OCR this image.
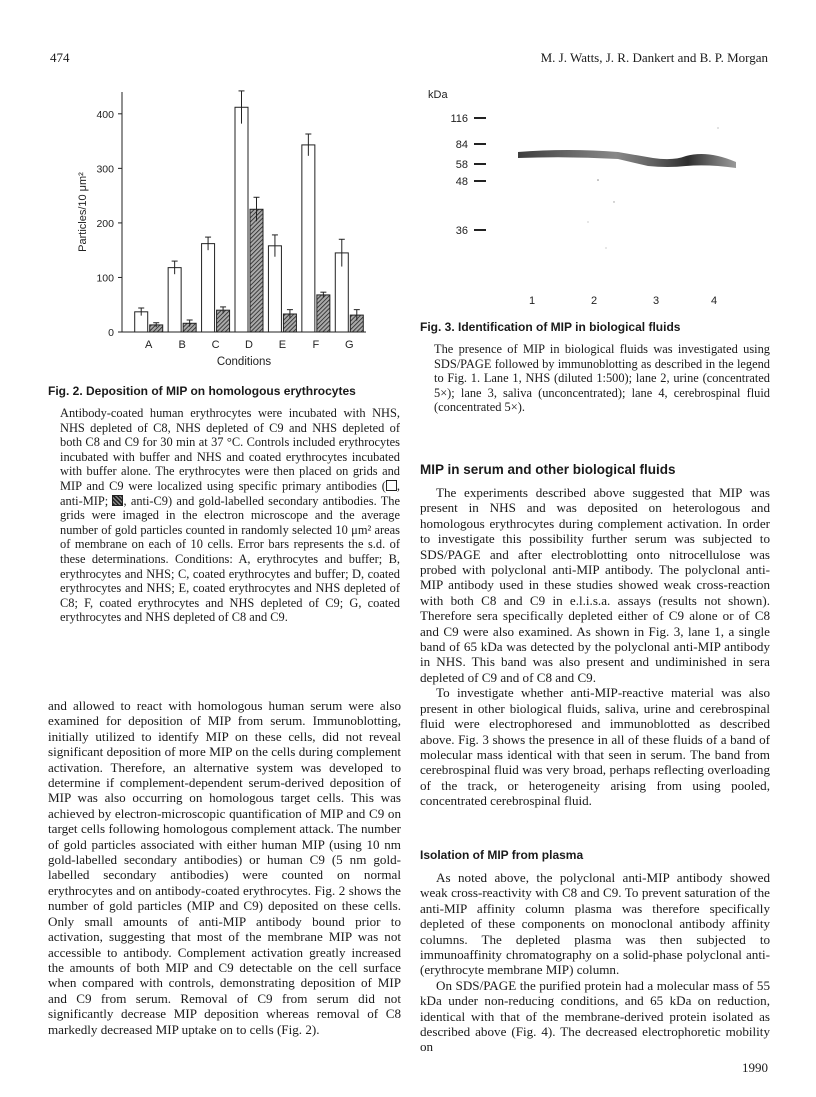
474	M. J. Watts, J. R. Dankert and B. P. Morgan
0
100
200
300
400
Particles/10 μm²
A B C D E F G
Conditions
Fig. 2. Deposition of MIP on homologous erythrocytes
Antibody-coated human erythrocytes were incubated with NHS, NHS depleted of C8, NHS depleted of C9 and NHS depleted of both C8 and C9 for 30 min at 37 °C. Controls included erythrocytes incubated with buffer and NHS and coated erythrocytes incubated with buffer alone. The erythrocytes were then placed on grids and MIP and C9 were localized using specific primary antibodies ( , anti-MIP; , anti-C9) and gold-labelled secondary antibodies. The grids were imaged in the electron microscope and the average number of gold particles counted in randomly selected 10 μm² areas of membrane on each of 10 cells. Error bars represents the s.d. of these determinations. Conditions: A, erythrocytes and buffer; B, erythrocytes and NHS; C, coated erythrocytes and buffer; D, coated erythrocytes and NHS; E, coated erythrocytes and NHS depleted of C8; F, coated erythrocytes and NHS depleted of C9; G, coated erythrocytes and NHS depleted of C8 and C9.

and allowed to react with homologous human serum were also examined for deposition of MIP from serum. Immunoblotting, initially utilized to identify MIP on these cells, did not reveal significant deposition of more MIP on the cells during complement activation. Therefore, an alternative system was developed to determine if complement-dependent serum-derived deposition of MIP was also occurring on homologous target cells. This was achieved by electron-microscopic quantification of MIP and C9 on target cells following homologous complement attack. The number of gold particles associated with either human MIP (using 10 nm gold-labelled secondary antibodies) or human C9 (5 nm gold-labelled secondary antibodies) were counted on normal erythrocytes and on antibody-coated erythrocytes. Fig. 2 shows the number of gold particles (MIP and C9) deposited on these cells. Only small amounts of anti-MIP antibody bound prior to activation, suggesting that most of the membrane MIP was not accessible to antibody. Complement activation greatly increased the amounts of both MIP and C9 detectable on the cell surface when compared with controls, demonstrating deposition of MIP and C9 from serum. Removal of C9 from serum did not significantly decrease MIP deposition whereas removal of C8 markedly decreased MIP uptake on to cells (Fig. 2).

kDa
116
84
58
48
36
1	2	3	4
Fig. 3. Identification of MIP in biological fluids
The presence of MIP in biological fluids was investigated using SDS/PAGE followed by immunoblotting as described in the legend to Fig. 1. Lane 1, NHS (diluted 1:500); lane 2, urine (concentrated 5×); lane 3, saliva (unconcentrated); lane 4, cerebrospinal fluid (concentrated 5×).
MIP in serum and other biological fluids

The experiments described above suggested that MIP was present in NHS and was deposited on heterologous and homologous erythrocytes during complement activation. In order to investigate this possibility further serum was subjected to SDS/PAGE and after electroblotting onto nitrocellulose was probed with polyclonal anti-MIP antibody. The polyclonal anti-MIP antibody used in these studies showed weak cross-reaction with both C8 and C9 in e.l.i.s.a. assays (results not shown). Therefore sera specifically depleted either of C9 alone or of C8 and C9 were also examined. As shown in Fig. 3, lane 1, a single band of 65 kDa was detected by the polyclonal anti-MIP antibody in NHS. This band was also present and undiminished in sera depleted of C9 and of C8 and C9.

To investigate whether anti-MIP-reactive material was also present in other biological fluids, saliva, urine and cerebrospinal fluid were electrophoresed and immunoblotted as described above. Fig. 3 shows the presence in all of these fluids of a band of molecular mass identical with that seen in serum. The band from cerebrospinal fluid was very broad, perhaps reflecting overloading of the track, or heterogeneity arising from using pooled, concentrated cerebrospinal fluid.

Isolation of MIP from plasma

As noted above, the polyclonal anti-MIP antibody showed weak cross-reactivity with C8 and C9. To prevent saturation of the anti-MIP affinity column plasma was therefore specifically depleted of these components on monoclonal antibody affinity columns. The depleted plasma was then subjected to immunoaffinity chromatography on a solid-phase polyclonal anti-(erythrocyte membrane MIP) column.

On SDS/PAGE the purified protein had a molecular mass of 55 kDa under non-reducing conditions, and 65 kDa on reduction, identical with that of the membrane-derived protein isolated as described above (Fig. 4). The decreased electrophoretic mobility on

1990
